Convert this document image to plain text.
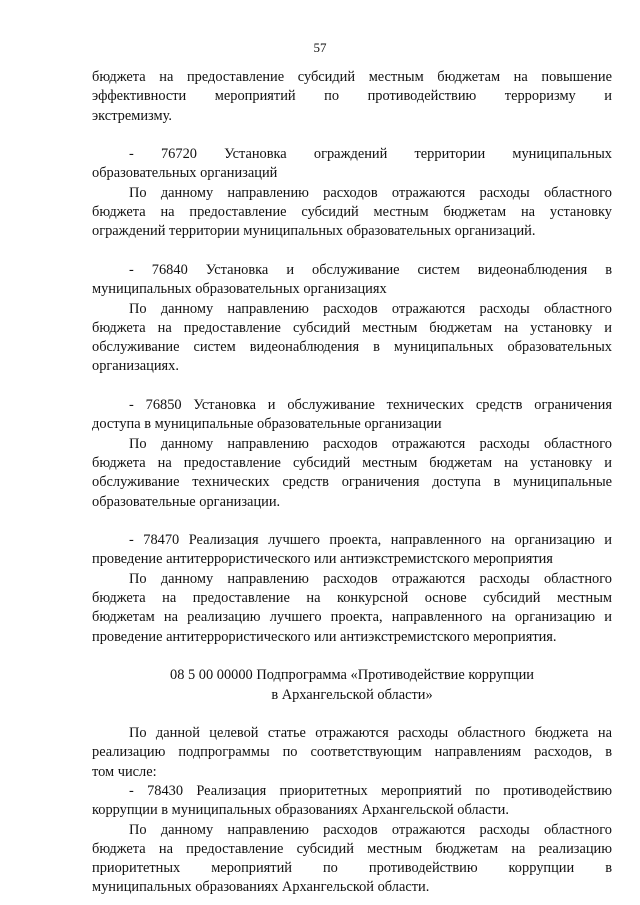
57
бюджета на предоставление субсидий местным бюджетам на повышение
эффективности мероприятий по противодействию терроризму и
экстремизму.
- 76720 Установка ограждений территории муниципальных
образовательных организаций
По данному направлению расходов отражаются расходы областного
бюджета на предоставление субсидий местным бюджетам на установку
ограждений территории муниципальных образовательных организаций.
- 76840 Установка и обслуживание систем видеонаблюдения в
муниципальных образовательных организациях
По данному направлению расходов отражаются расходы областного
бюджета на предоставление субсидий местным бюджетам на установку и
обслуживание систем видеонаблюдения в муниципальных образовательных
организациях.
- 76850 Установка и обслуживание технических средств ограничения
доступа в муниципальные образовательные организации
По данному направлению расходов отражаются расходы областного
бюджета на предоставление субсидий местным бюджетам на установку и
обслуживание технических средств ограничения доступа в муниципальные
образовательные организации.
- 78470 Реализация лучшего проекта, направленного на организацию и
проведение антитеррористического или антиэкстремистского мероприятия
По данному направлению расходов отражаются расходы областного
бюджета на предоставление на конкурсной основе субсидий местным
бюджетам на реализацию лучшего проекта, направленного на организацию и
проведение антитеррористического или антиэкстремистского мероприятия.
08 5 00 00000 Подпрограмма «Противодействие коррупции
в Архангельской области»
По данной целевой статье отражаются расходы областного бюджета на
реализацию подпрограммы по соответствующим направлениям расходов, в
том числе:
- 78430 Реализация приоритетных мероприятий по противодействию
коррупции в муниципальных образованиях Архангельской области.
По данному направлению расходов отражаются расходы областного
бюджета на предоставление субсидий местным бюджетам на реализацию
приоритетных мероприятий по противодействию коррупции в
муниципальных образованиях Архангельской области.
